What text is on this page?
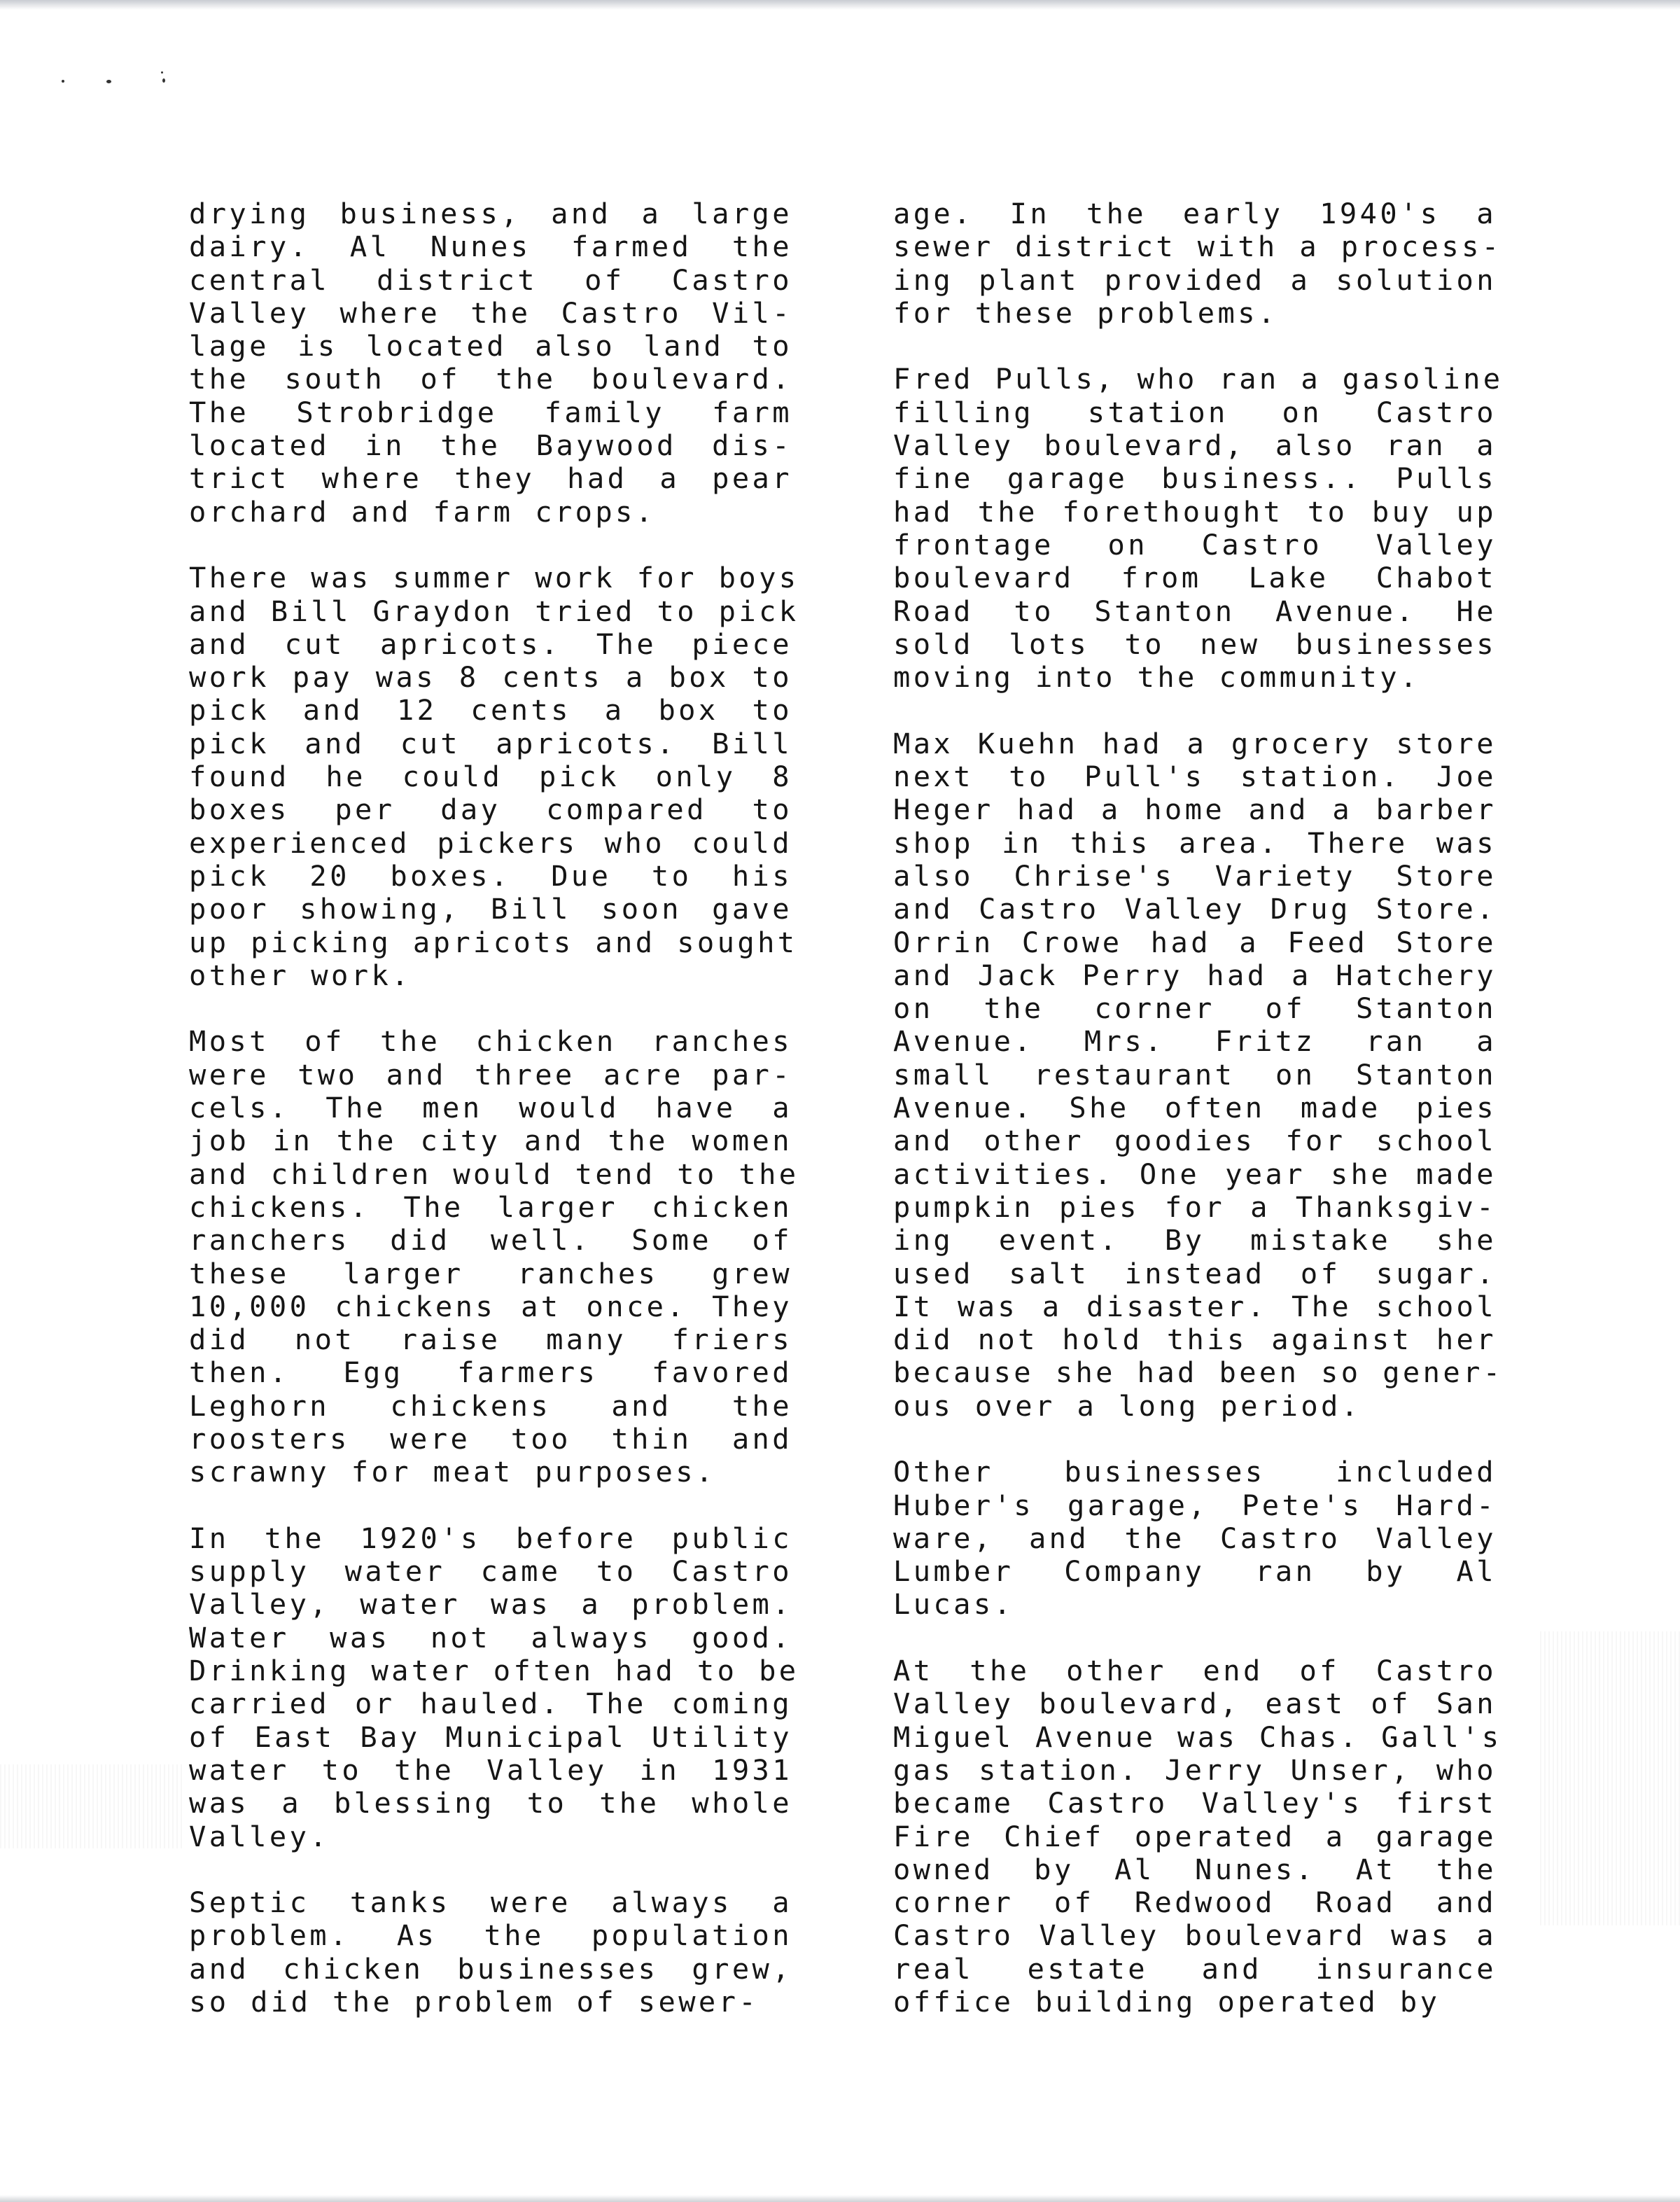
drying business, and a large
dairy. Al Nunes farmed the
central district of Castro
Valley where the Castro Vil-
lage is located also land to
the south of the boulevard.
The Strobridge family farm
located in the Baywood dis-
trict where they had a pear
orchard and farm crops.
There was summer work for boys
and Bill Graydon tried to pick
and cut apricots. The piece
work pay was 8 cents a box to
pick and 12 cents a box to
pick and cut apricots. Bill
found he could pick only 8
boxes per day compared to
experienced pickers who could
pick 20 boxes. Due to his
poor showing, Bill soon gave
up picking apricots and sought
other work.
Most of the chicken ranches
were two and three acre par-
cels. The men would have a
job in the city and the women
and children would tend to the
chickens. The larger chicken
ranchers did well. Some of
these larger ranches grew
10,000 chickens at once. They
did not raise many friers
then. Egg farmers favored
Leghorn chickens and the
roosters were too thin and
scrawny for meat purposes.
In the 1920's before public
supply water came to Castro
Valley, water was a problem.
Water was not always good.
Drinking water often had to be
carried or hauled. The coming
of East Bay Municipal Utility
water to the Valley in 1931
was a blessing to the whole
Valley.
Septic tanks were always a
problem. As the population
and chicken businesses grew,
so did the problem of sewer-
age. In the early 1940's a
sewer district with a process-
ing plant provided a solution
for these problems.
Fred Pulls, who ran a gasoline
filling station on Castro
Valley boulevard, also ran a
fine garage business.. Pulls
had the forethought to buy up
frontage on Castro Valley
boulevard from Lake Chabot
Road to Stanton Avenue. He
sold lots to new businesses
moving into the community.
Max Kuehn had a grocery store
next to Pull's station. Joe
Heger had a home and a barber
shop in this area. There was
also Chrise's Variety Store
and Castro Valley Drug Store.
Orrin Crowe had a Feed Store
and Jack Perry had a Hatchery
on the corner of Stanton
Avenue. Mrs. Fritz ran a
small restaurant on Stanton
Avenue. She often made pies
and other goodies for school
activities. One year she made
pumpkin pies for a Thanksgiv-
ing event. By mistake she
used salt instead of sugar.
It was a disaster. The school
did not hold this against her
because she had been so gener-
ous over a long period.
Other businesses included
Huber's garage, Pete's Hard-
ware, and the Castro Valley
Lumber Company ran by Al
Lucas.
At the other end of Castro
Valley boulevard, east of San
Miguel Avenue was Chas. Gall's
gas station. Jerry Unser, who
became Castro Valley's first
Fire Chief operated a garage
owned by Al Nunes. At the
corner of Redwood Road and
Castro Valley boulevard was a
real estate and insurance
office building operated by
